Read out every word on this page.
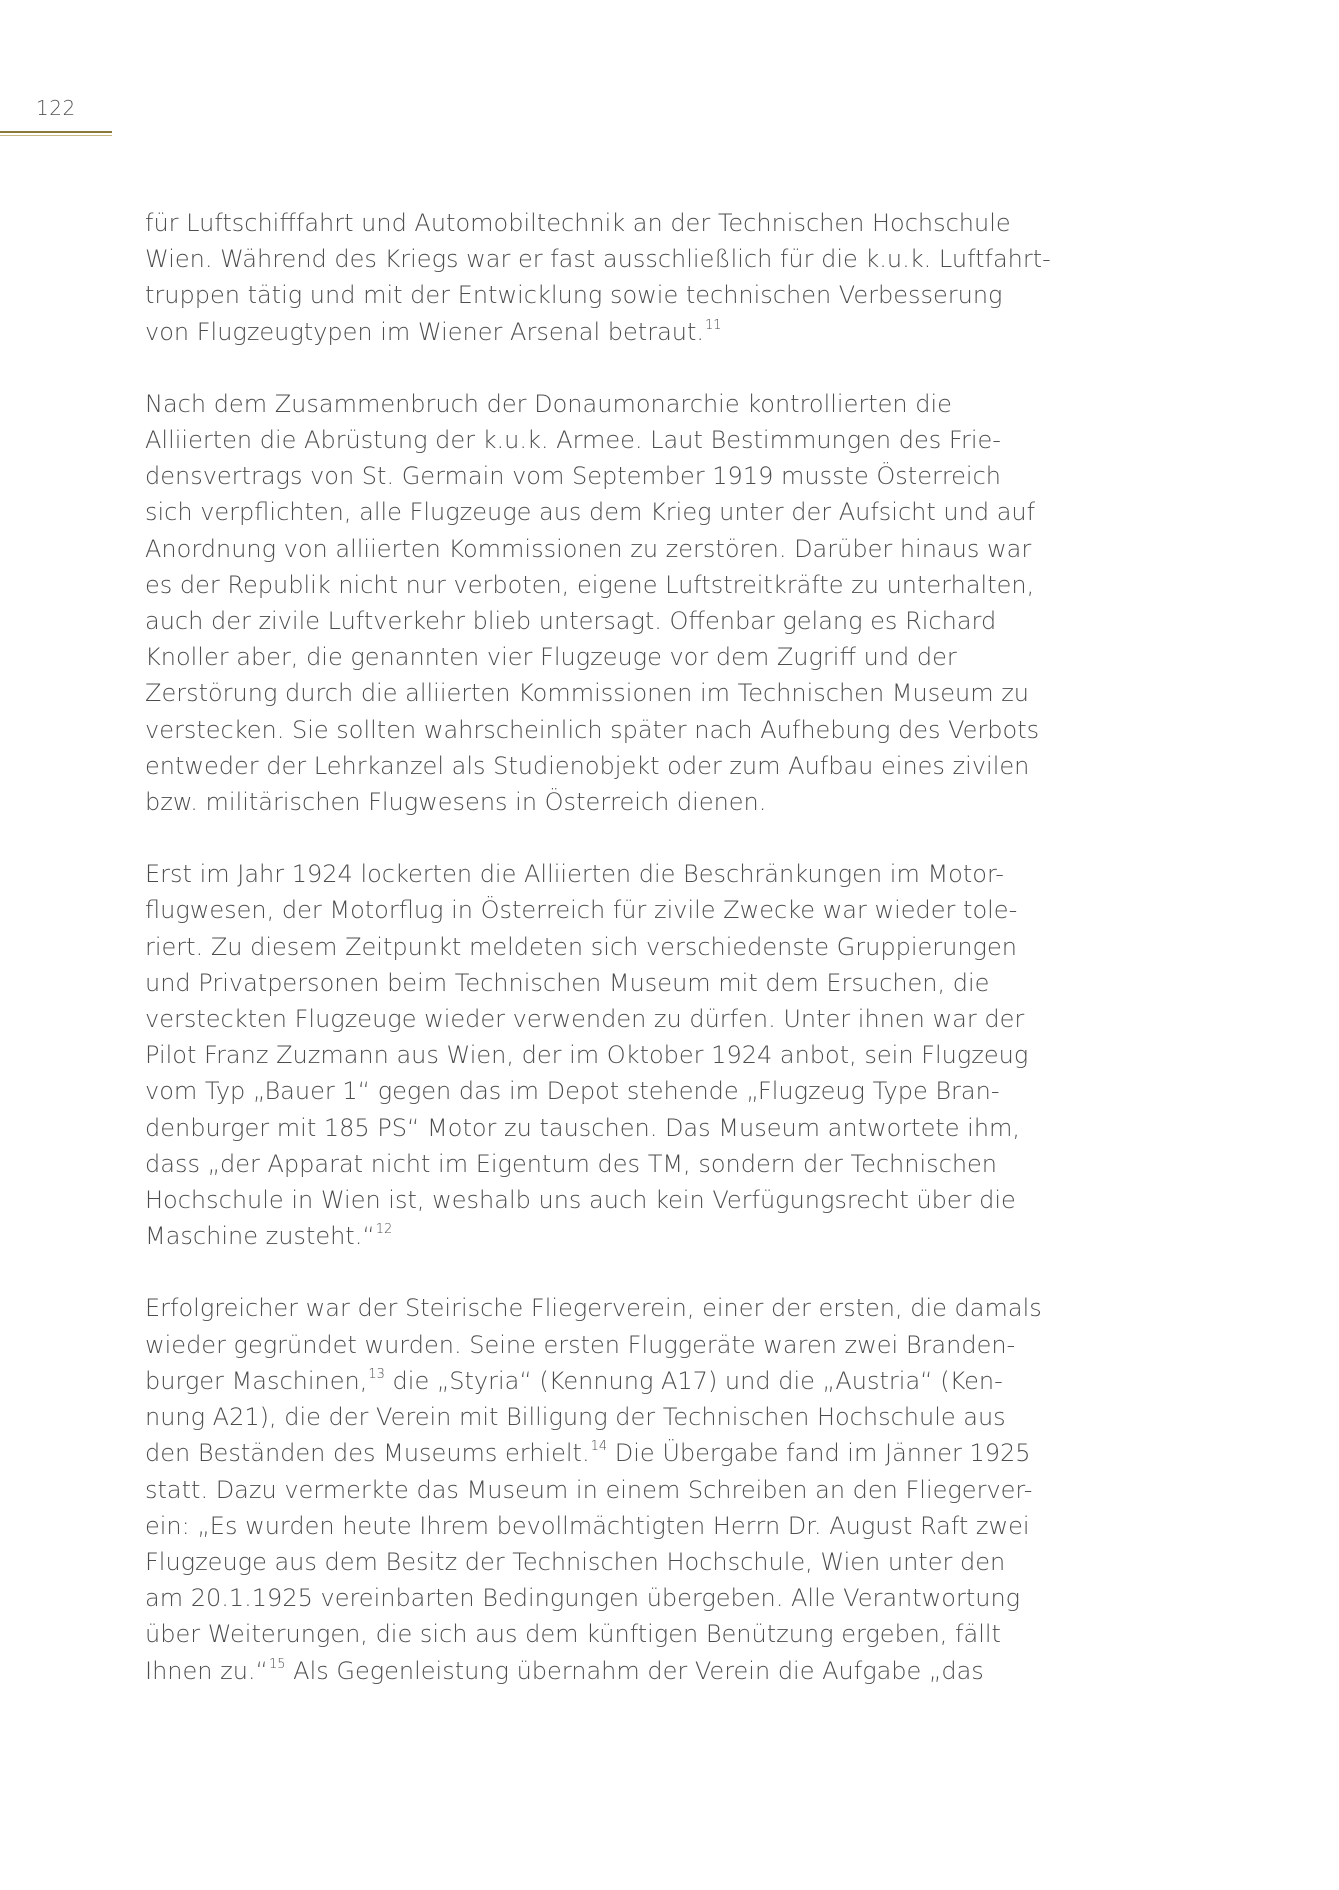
122
für Luftschifffahrt und Automobiltechnik an der Technischen Hochschule
Wien. Während des Kriegs war er fast ausschließlich für die k.u.k. Luftfahrt-
truppen tätig und mit der Entwicklung sowie technischen Verbesserung
von Flugzeugtypen im Wiener Arsenal betraut.$^{11}$
Nach dem Zusammenbruch der Donaumonarchie kontrollierten die
Alliierten die Abrüstung der k.u.k. Armee. Laut Bestimmungen des Frie-
densvertrags von St. Germain vom September 1919 musste Österreich
sich verpflichten, alle Flugzeuge aus dem Krieg unter der Aufsicht und auf
Anordnung von alliierten Kommissionen zu zerstören. Darüber hinaus war
es der Republik nicht nur verboten, eigene Luftstreitkräfte zu unterhalten,
auch der zivile Luftverkehr blieb untersagt. Offenbar gelang es Richard
Knoller aber, die genannten vier Flugzeuge vor dem Zugriff und der
Zerstörung durch die alliierten Kommissionen im Technischen Museum zu
verstecken. Sie sollten wahrscheinlich später nach Aufhebung des Verbots
entweder der Lehrkanzel als Studienobjekt oder zum Aufbau eines zivilen
bzw. militärischen Flugwesens in Österreich dienen.
Erst im Jahr 1924 lockerten die Alliierten die Beschränkungen im Motor-
flugwesen, der Motorflug in Österreich für zivile Zwecke war wieder tole-
riert. Zu diesem Zeitpunkt meldeten sich verschiedenste Gruppierungen
und Privatpersonen beim Technischen Museum mit dem Ersuchen, die
versteckten Flugzeuge wieder verwenden zu dürfen. Unter ihnen war der
Pilot Franz Zuzmann aus Wien, der im Oktober 1924 anbot, sein Flugzeug
vom Typ „Bauer 1“ gegen das im Depot stehende „Flugzeug Type Bran-
denburger mit 185 PS“ Motor zu tauschen. Das Museum antwortete ihm,
dass „der Apparat nicht im Eigentum des TM, sondern der Technischen
Hochschule in Wien ist, weshalb uns auch kein Verfügungsrecht über die
Maschine zusteht.“$^{12}$
Erfolgreicher war der Steirische Fliegerverein, einer der ersten, die damals
wieder gegründet wurden. Seine ersten Fluggeräte waren zwei Branden-
burger Maschinen,$^{13}$ die „Styria“ (Kennung A17) und die „Austria“ (Ken-
nung A21), die der Verein mit Billigung der Technischen Hochschule aus
den Beständen des Museums erhielt.$^{14}$ Die Übergabe fand im Jänner 1925
statt. Dazu vermerkte das Museum in einem Schreiben an den Fliegerver-
ein: „Es wurden heute Ihrem bevollmächtigten Herrn Dr. August Raft zwei
Flugzeuge aus dem Besitz der Technischen Hochschule, Wien unter den
am 20.1.1925 vereinbarten Bedingungen übergeben. Alle Verantwortung
über Weiterungen, die sich aus dem künftigen Benützung ergeben, fällt
Ihnen zu.“$^{15}$ Als Gegenleistung übernahm der Verein die Aufgabe „das
